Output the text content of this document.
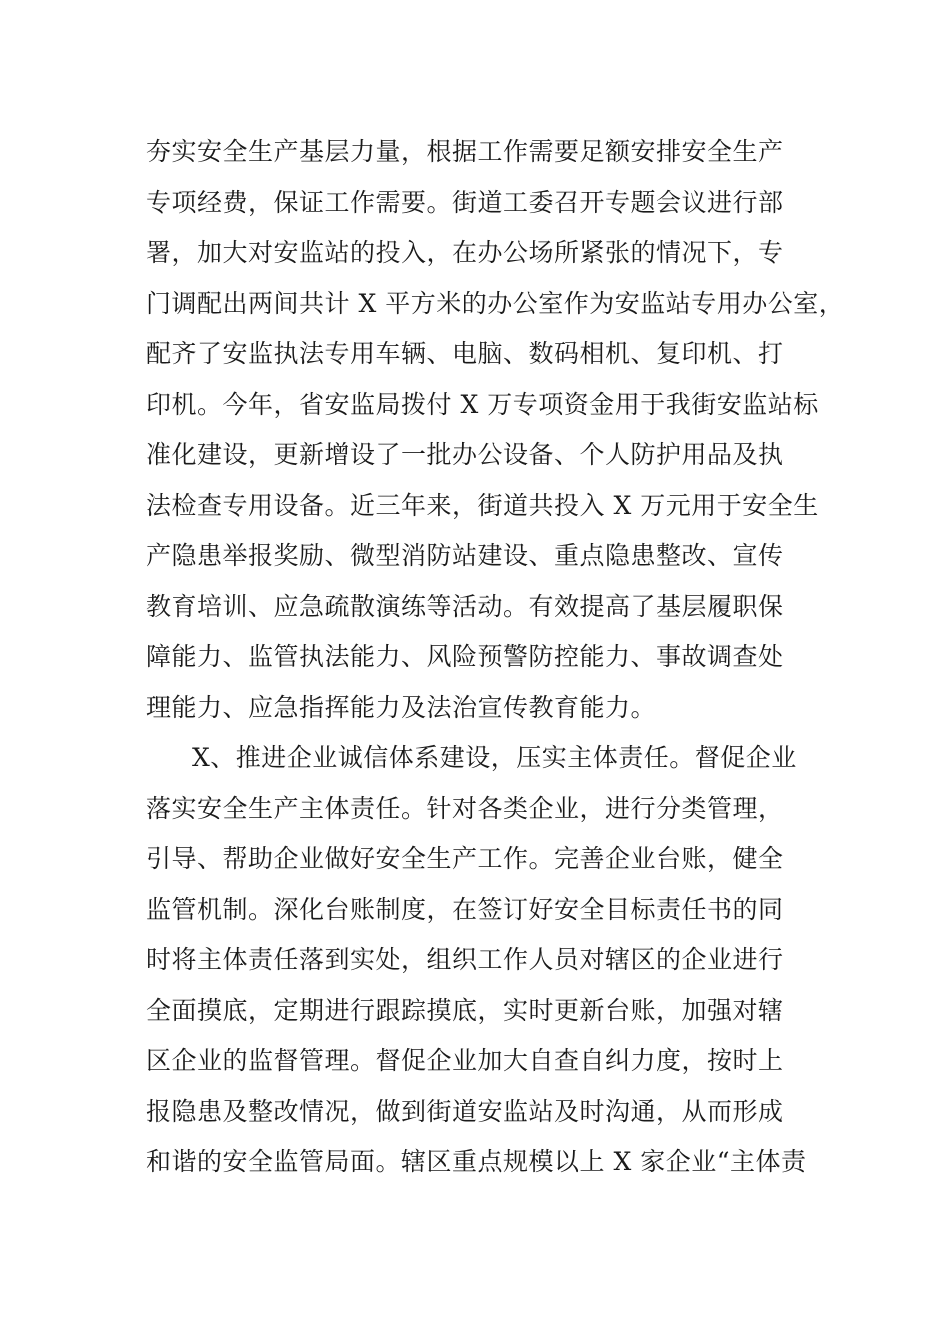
夯实安全生产基层力量，根据工作需要足额安排安全生产
专项经费，保证工作需要。街道工委召开专题会议进行部
署，加大对安监站的投入，在办公场所紧张的情况下，专
门调配出两间共计 X 平方米的办公室作为安监站专用办公室，
配齐了安监执法专用车辆、电脑、数码相机、复印机、打
印机。今年，省安监局拨付 X 万专项资金用于我街安监站标
准化建设，更新增设了一批办公设备、个人防护用品及执
法检查专用设备。近三年来，街道共投入 X 万元用于安全生
产隐患举报奖励、微型消防站建设、重点隐患整改、宣传
教育培训、应急疏散演练等活动。有效提高了基层履职保
障能力、监管执法能力、风险预警防控能力、事故调查处
理能力、应急指挥能力及法治宣传教育能力。
X、推进企业诚信体系建设，压实主体责任。督促企业
落实安全生产主体责任。针对各类企业，进行分类管理，
引导、帮助企业做好安全生产工作。完善企业台账，健全
监管机制。深化台账制度，在签订好安全目标责任书的同
时将主体责任落到实处，组织工作人员对辖区的企业进行
全面摸底，定期进行跟踪摸底，实时更新台账，加强对辖
区企业的监督管理。督促企业加大自查自纠力度，按时上
报隐患及整改情况，做到街道安监站及时沟通，从而形成
和谐的安全监管局面。辖区重点规模以上 X 家企业“主体责
